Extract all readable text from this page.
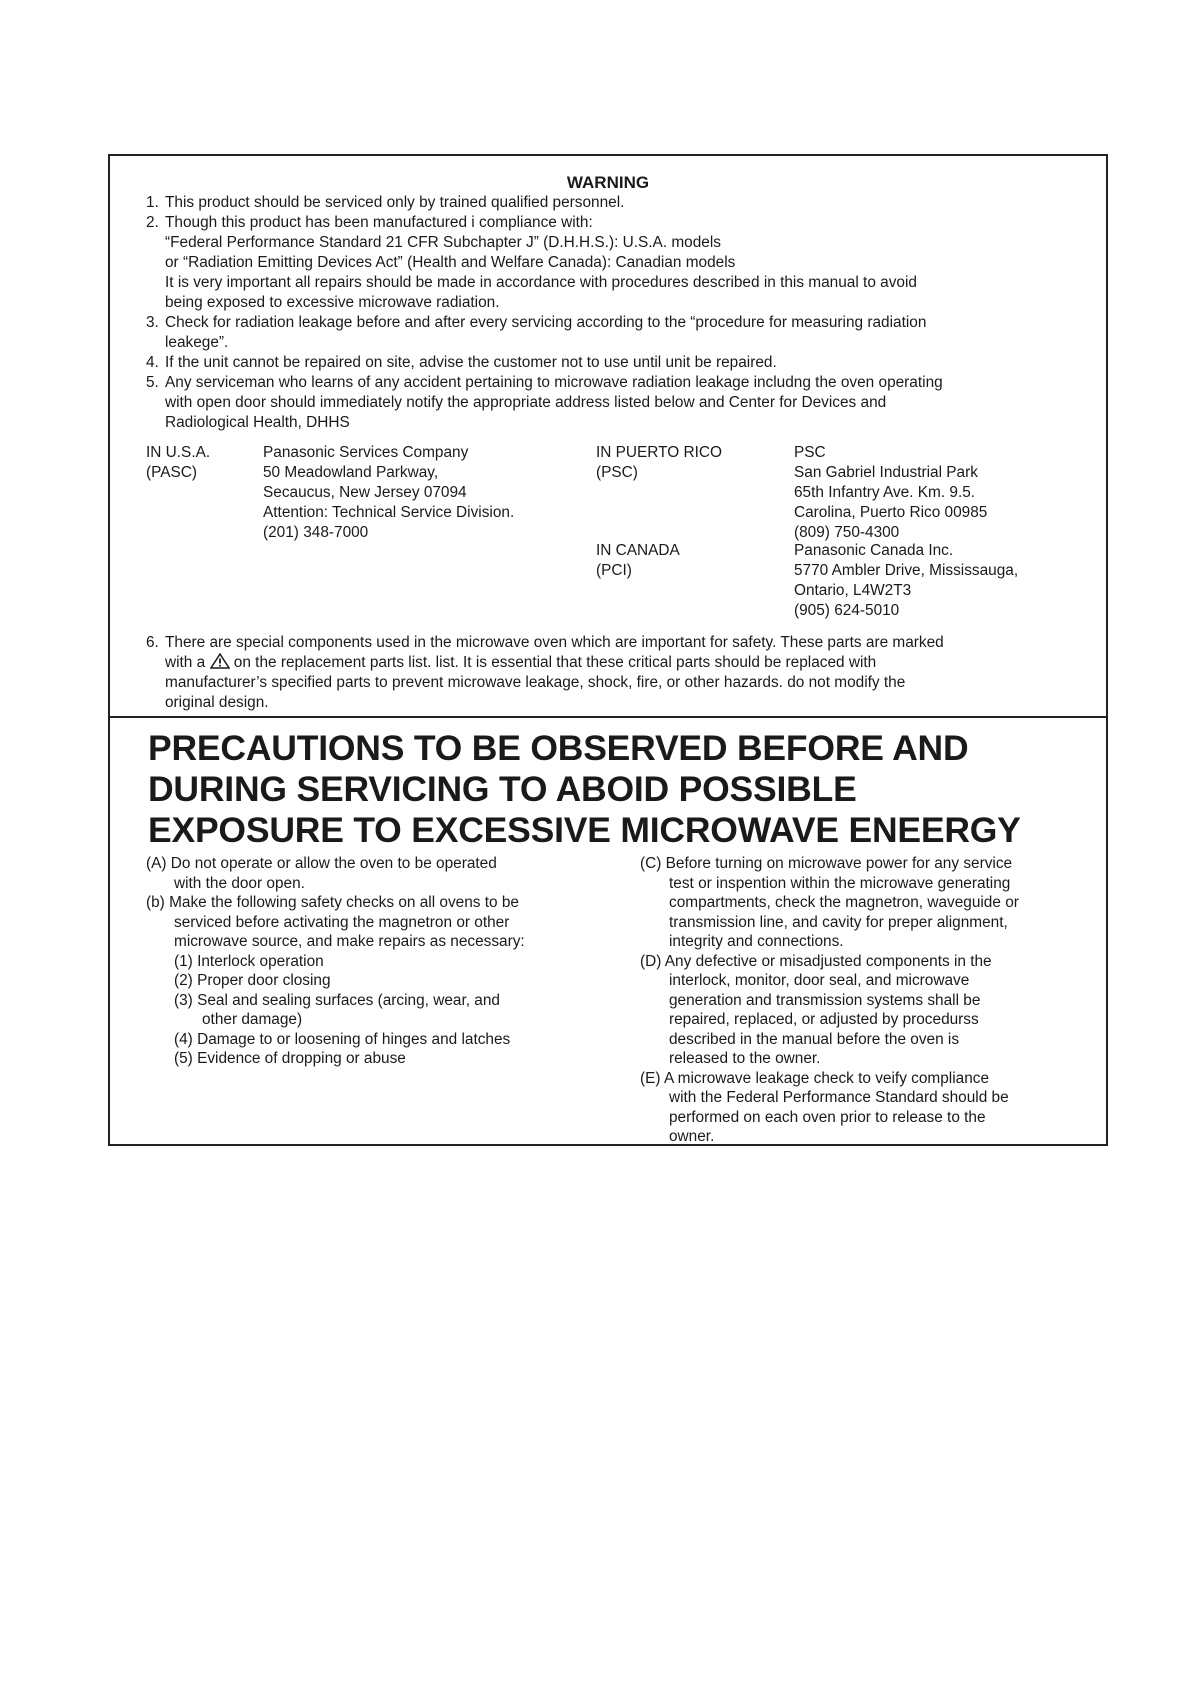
WARNING
1. This product should be serviced only by trained qualified personnel.
2. Though this product has been manufactured i compliance with:
“Federal Performance Standard 21 CFR Subchapter J” (D.H.H.S.): U.S.A. models
or “Radiation Emitting Devices Act” (Health and Welfare Canada): Canadian models
It is very important all repairs should be made in accordance with procedures described in this manual to avoid
being exposed to excessive microwave radiation.
3. Check for radiation leakage before and after every servicing according to the “procedure for measuring radiation
leakege”.
4. If the unit cannot be repaired on site, advise the customer not to use until unit be repaired.
5. Any serviceman who learns of any accident pertaining to microwave radiation leakage includng the oven operating
with open door should immediately notify the appropriate address listed below and Center for Devices and
Radiological Health, DHHS
IN U.S.A.
(PASC)
Panasonic Services Company
50 Meadowland Parkway,
Secaucus, New Jersey 07094
Attention: Technical Service Division.
(201) 348-7000
IN PUERTO RICO
(PSC)
PSC
San Gabriel Industrial Park
65th Infantry Ave. Km. 9.5.
Carolina, Puerto Rico 00985
(809) 750-4300
IN CANADA
(PCI)
Panasonic Canada Inc.
5770 Ambler Drive, Mississauga,
Ontario, L4W2T3
(905) 624-5010
6. There are special components used in the microwave oven which are important for safety. These parts are marked
with a on the replacement parts list. list. It is essential that these critical parts should be replaced with
manufacturer’s specified parts to prevent microwave leakage, shock, fire, or other hazards. do not modify the
original design.
PRECAUTIONS TO BE OBSERVED BEFORE AND
DURING SERVICING TO ABOID POSSIBLE
EXPOSURE TO EXCESSIVE MICROWAVE ENEERGY
(A) Do not operate or allow the oven to be operated
with the door open.
(b) Make the following safety checks on all ovens to be
serviced before activating the magnetron or other
microwave source, and make repairs as necessary:
(1) Interlock operation
(2) Proper door closing
(3) Seal and sealing surfaces (arcing, wear, and
other damage)
(4) Damage to or loosening of hinges and latches
(5) Evidence of dropping or abuse
(C) Before turning on microwave power for any service
test or inspention within the microwave generating
compartments, check the magnetron, waveguide or
transmission line, and cavity for preper alignment,
integrity and connections.
(D) Any defective or misadjusted components in the
interlock, monitor, door seal, and microwave
generation and transmission systems shall be
repaired, replaced, or adjusted by procedurss
described in the manual before the oven is
released to the owner.
(E) A microwave leakage check to veify compliance
with the Federal Performance Standard should be
performed on each oven prior to release to the
owner.
